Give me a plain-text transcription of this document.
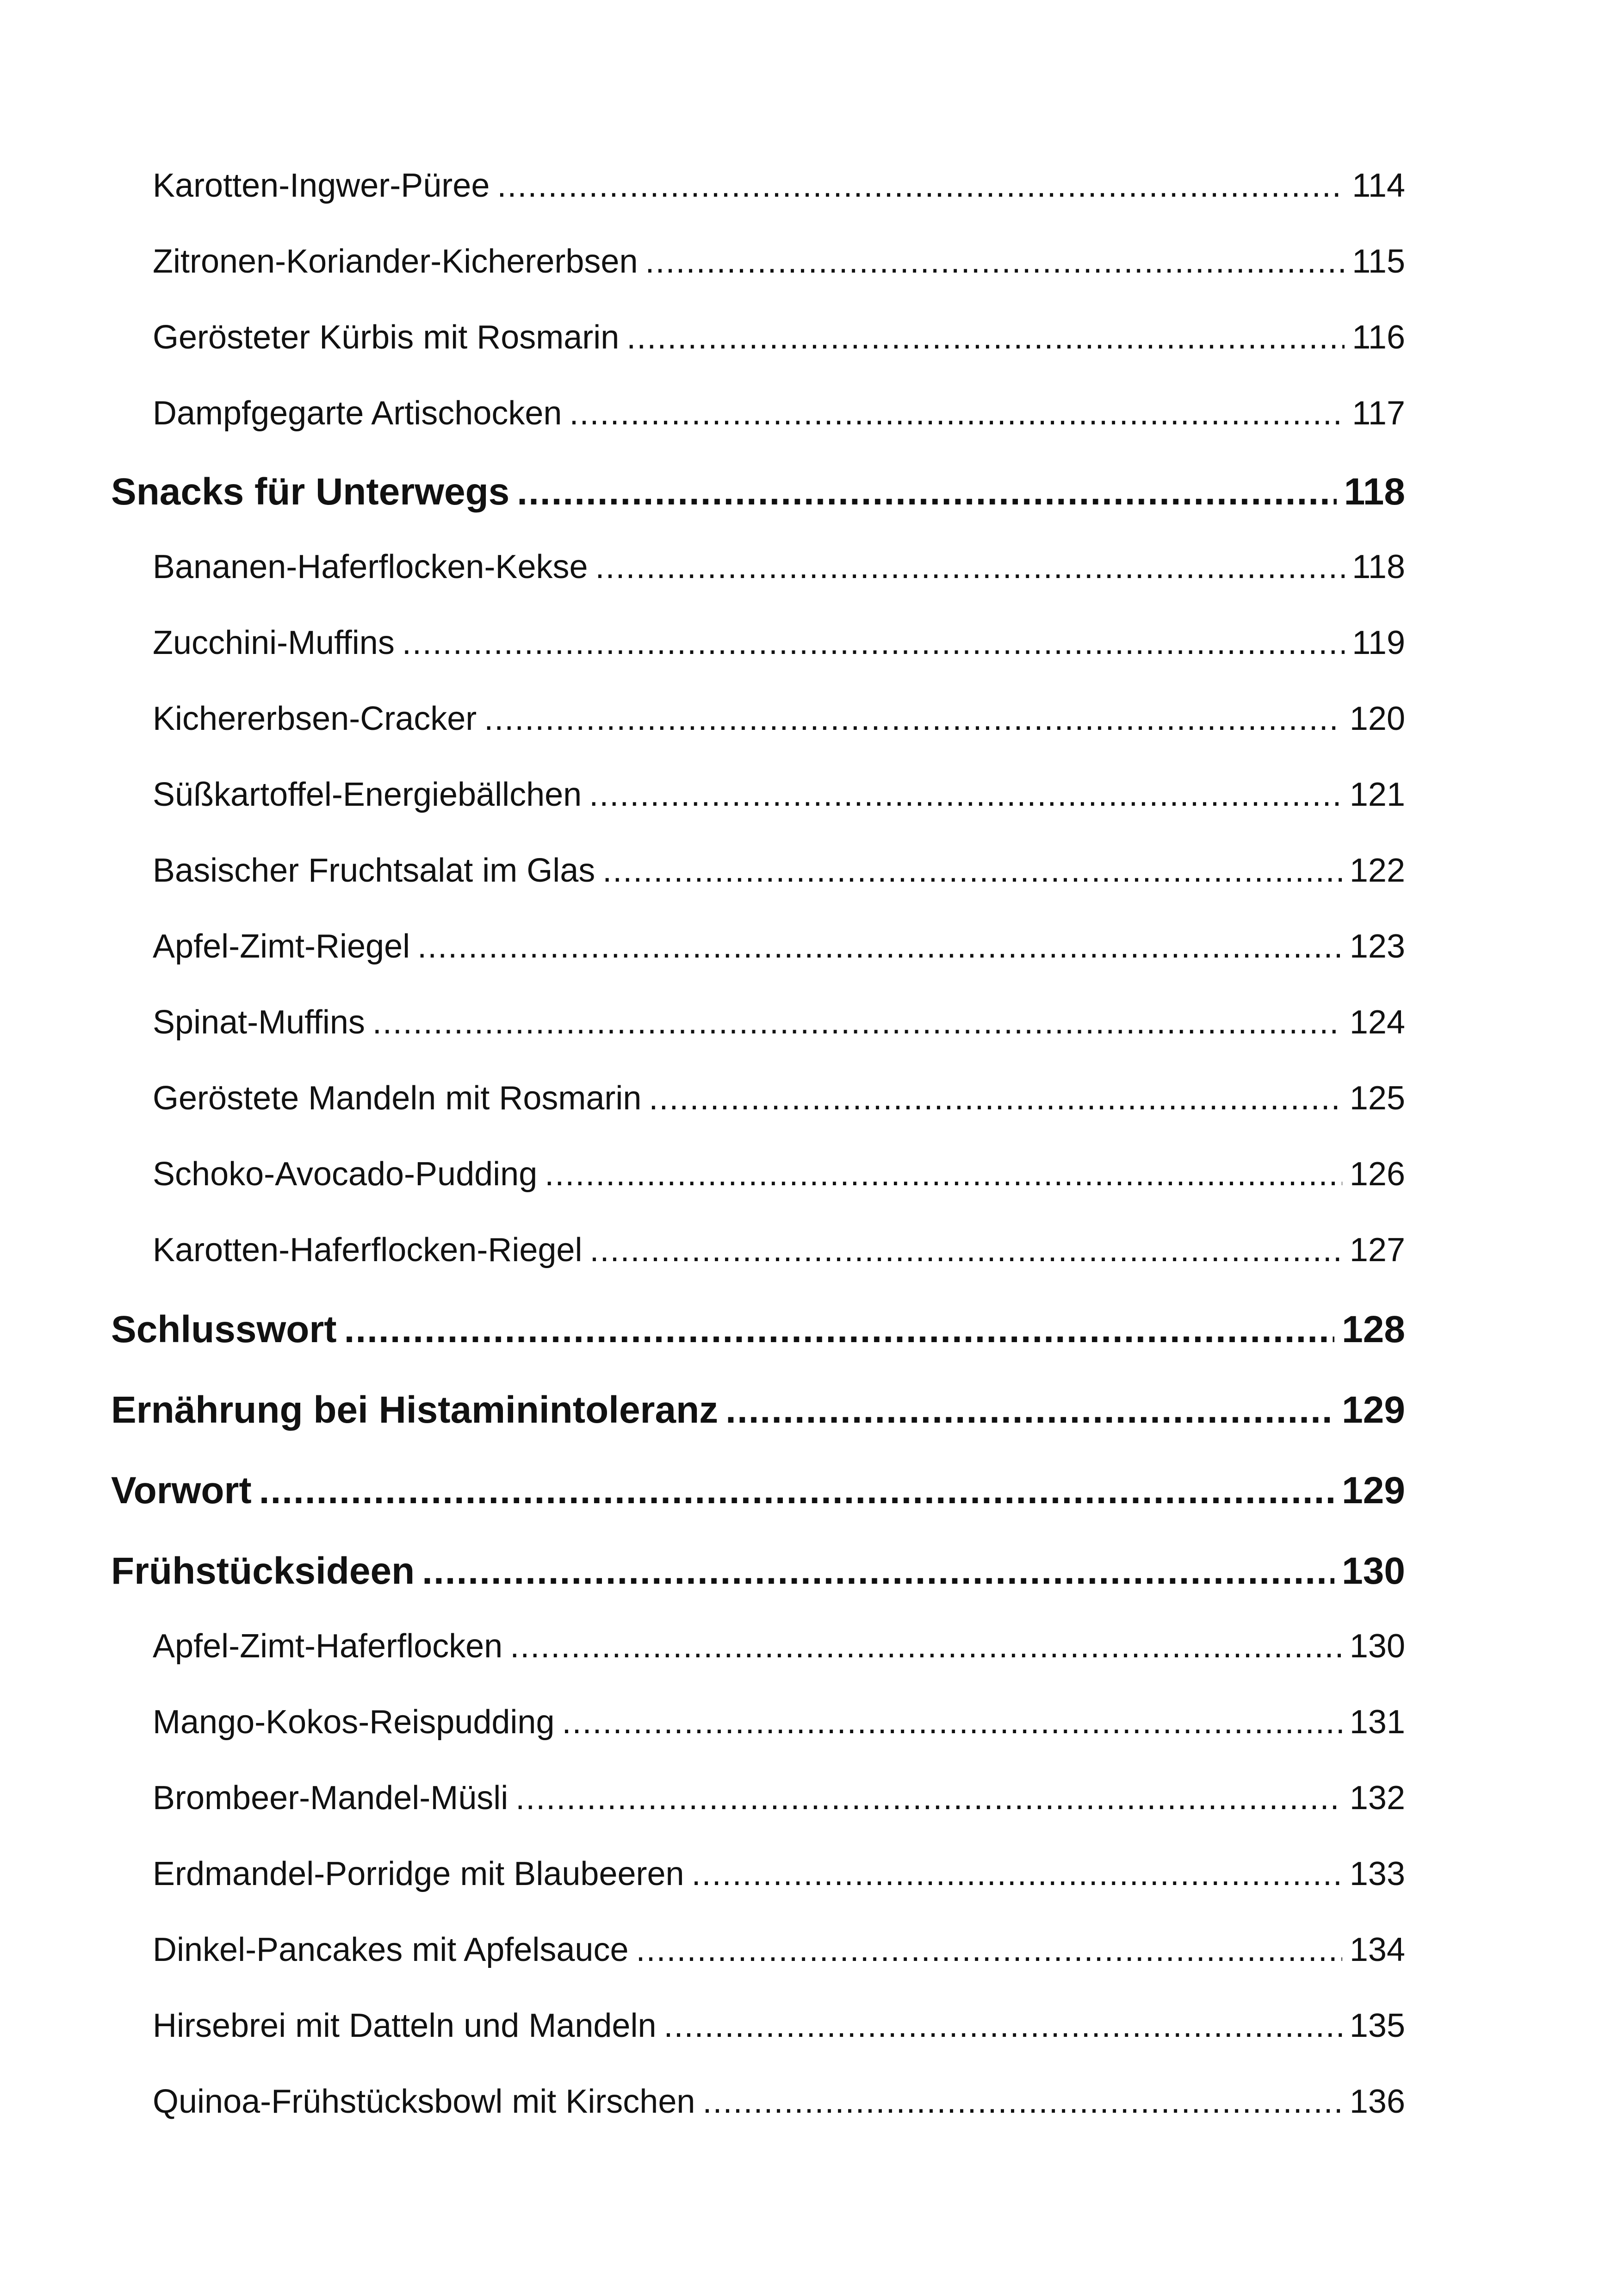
Karotten-Ingwer-Püree .....	114
Zitronen-Koriander-Kichererbsen .....	115
Gerösteter Kürbis mit Rosmarin .....	116
Dampfgegarte Artischocken .....	117
Snacks für Unterwegs .....	118
Bananen-Haferflocken-Kekse .....	118
Zucchini-Muffins .....	119
Kichererbsen-Cracker .....	120
Süßkartoffel-Energiebällchen .....	121
Basischer Fruchtsalat im Glas .....	122
Apfel-Zimt-Riegel .....	123
Spinat-Muffins .....	124
Geröstete Mandeln mit Rosmarin .....	125
Schoko-Avocado-Pudding .....	126
Karotten-Haferflocken-Riegel .....	127
Schlusswort .....	128
Ernährung bei Histaminintoleranz .....	129
Vorwort .....	129
Frühstücksideen .....	130
Apfel-Zimt-Haferflocken .....	130
Mango-Kokos-Reispudding .....	131
Brombeer-Mandel-Müsli .....	132
Erdmandel-Porridge mit Blaubeeren .....	133
Dinkel-Pancakes mit Apfelsauce .....	134
Hirsebrei mit Datteln und Mandeln .....	135
Quinoa-Frühstücksbowl mit Kirschen .....	136
